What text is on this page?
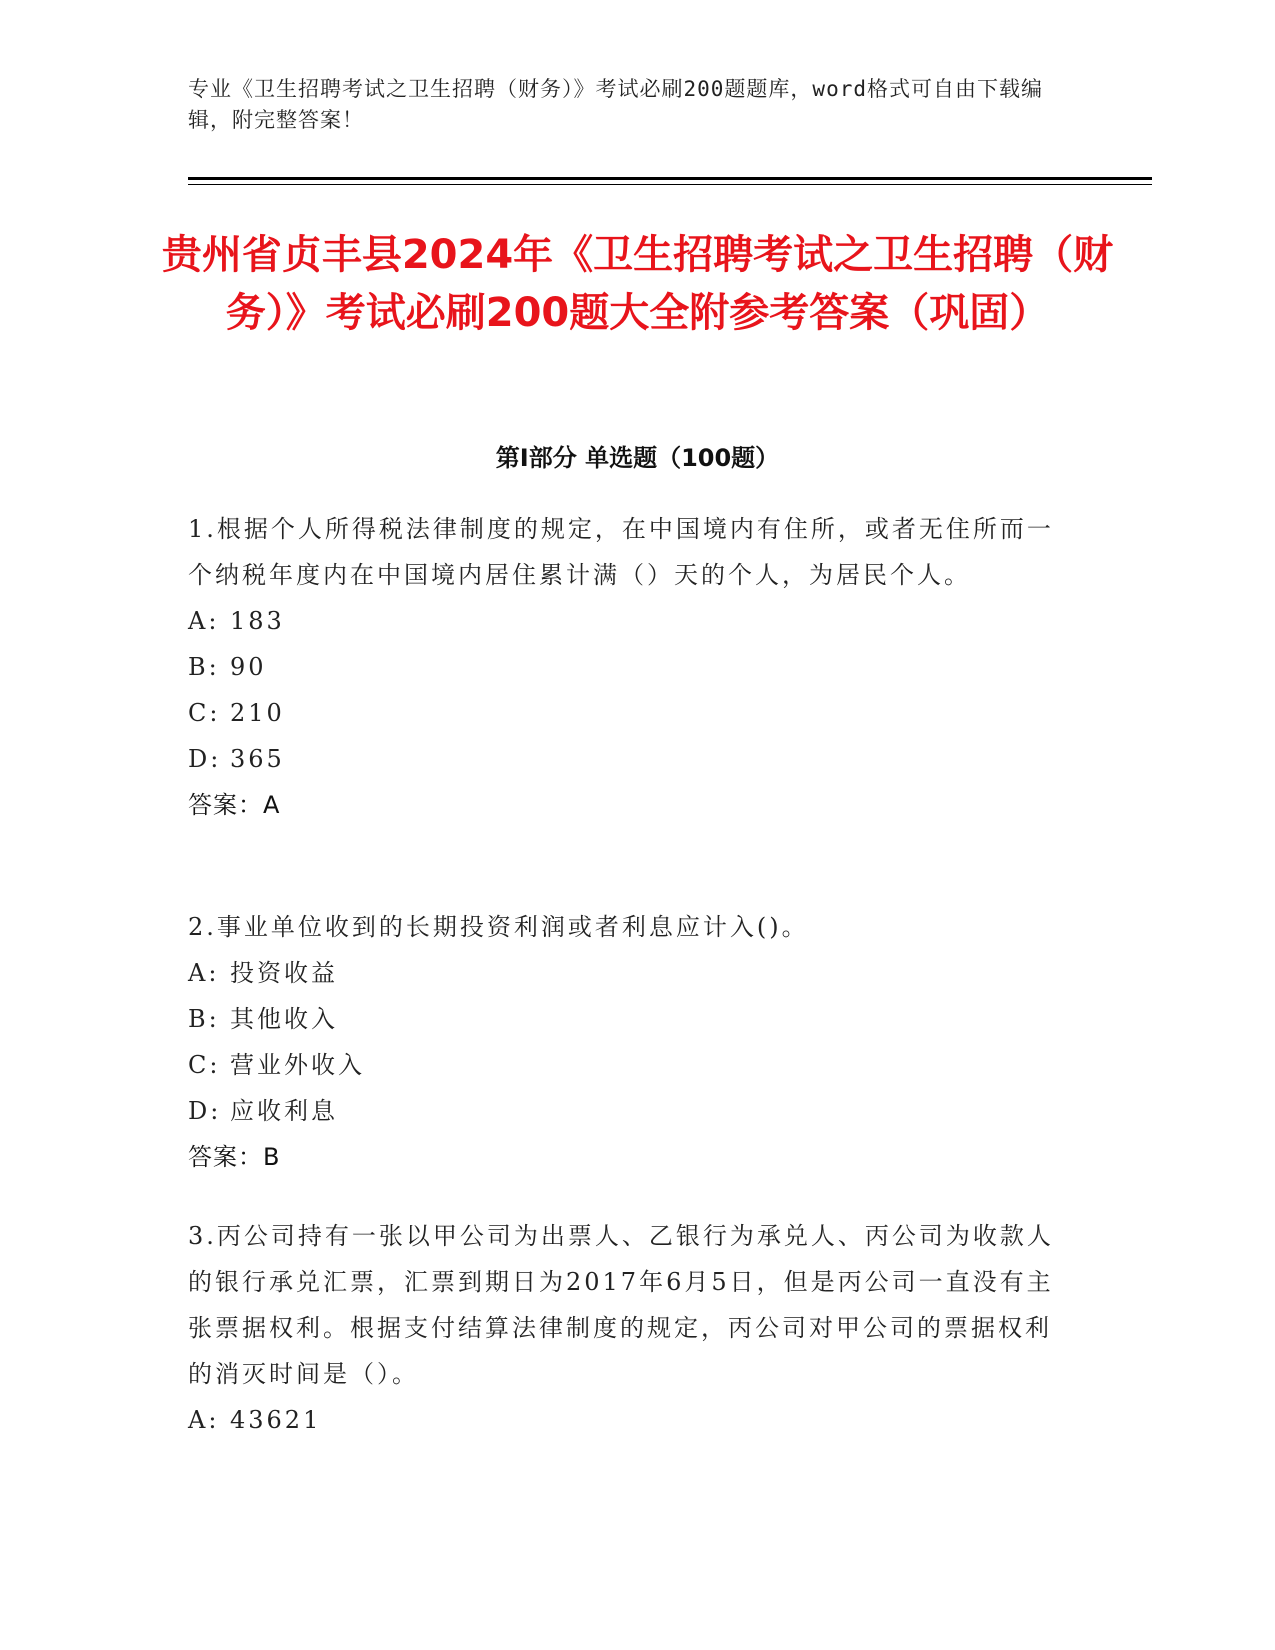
专业《卫生招聘考试之卫生招聘（财务）》考试必刷200题题库，word格式可自由下载编辑，附完整答案！
贵州省贞丰县2024年《卫生招聘考试之卫生招聘（财务）》考试必刷200题大全附参考答案（巩固）
第Ⅰ部分 单选题（100题）
1.根据个人所得税法律制度的规定，在中国境内有住所，或者无住所而一个纳税年度内在中国境内居住累计满（）天的个人，为居民个人。
A: 183
B: 90
C: 210
D: 365
答案：A
2.事业单位收到的长期投资利润或者利息应计入()。
A: 投资收益
B: 其他收入
C: 营业外收入
D: 应收利息
答案：B
3.丙公司持有一张以甲公司为出票人、乙银行为承兑人、丙公司为收款人的银行承兑汇票，汇票到期日为2017年6月5日，但是丙公司一直没有主张票据权利。根据支付结算法律制度的规定，丙公司对甲公司的票据权利的消灭时间是（）。
A: 43621
